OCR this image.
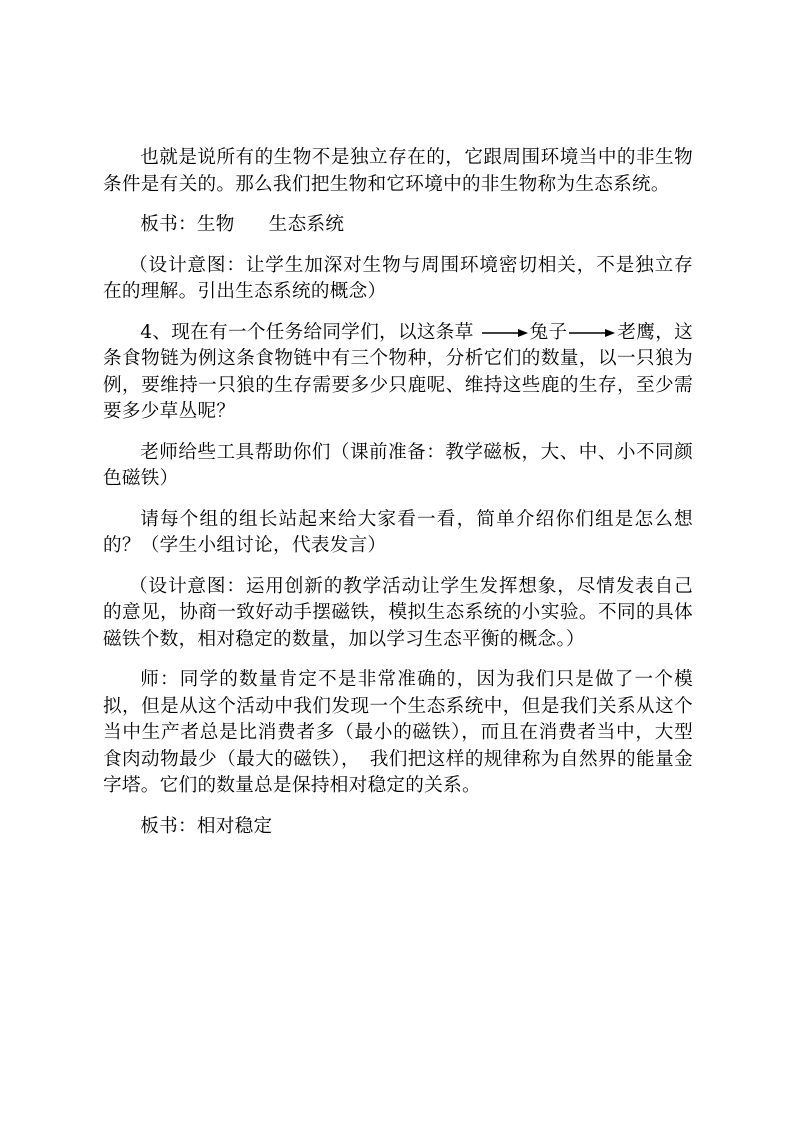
也就是说所有的生物不是独立存在的，它跟周围环境当中的非生物条件是有关的。那么我们把生物和它环境中的非生物称为生态系统。

板书：生物 生态系统

（设计意图：让学生加深对生物与周围环境密切相关，不是独立存在的理解。引出生态系统的概念）

4、现在有一个任务给同学们，以这条草	兔子	老鹰，这条食物链为例这条食物链中有三个物种，分析它们的数量，以一只狼为例，要维持一只狼的生存需要多少只鹿呢、维持这些鹿的生存，至少需要多少草丛呢？

老师给些工具帮助你们（课前准备：教学磁板，大、中、小不同颜色磁铁）

请每个组的组长站起来给大家看一看，简单介绍你们组是怎么想的？（学生小组讨论，代表发言）

（设计意图：运用创新的教学活动让学生发挥想象，尽情发表自己的意见，协商一致好动手摆磁铁，模拟生态系统的小实验。不同的具体磁铁个数，相对稳定的数量，加以学习生态平衡的概念。）

师：同学的数量肯定不是非常准确的，因为我们只是做了一个模拟，但是从这个活动中我们发现一个生态系统中，但是我们关系从这个当中生产者总是比消费者多（最小的磁铁），而且在消费者当中，大型食肉动物最少（最大的磁铁），　我们把这样的规律称为自然界的能量金字塔。它们的数量总是保持相对稳定的关系。

板书：相对稳定
